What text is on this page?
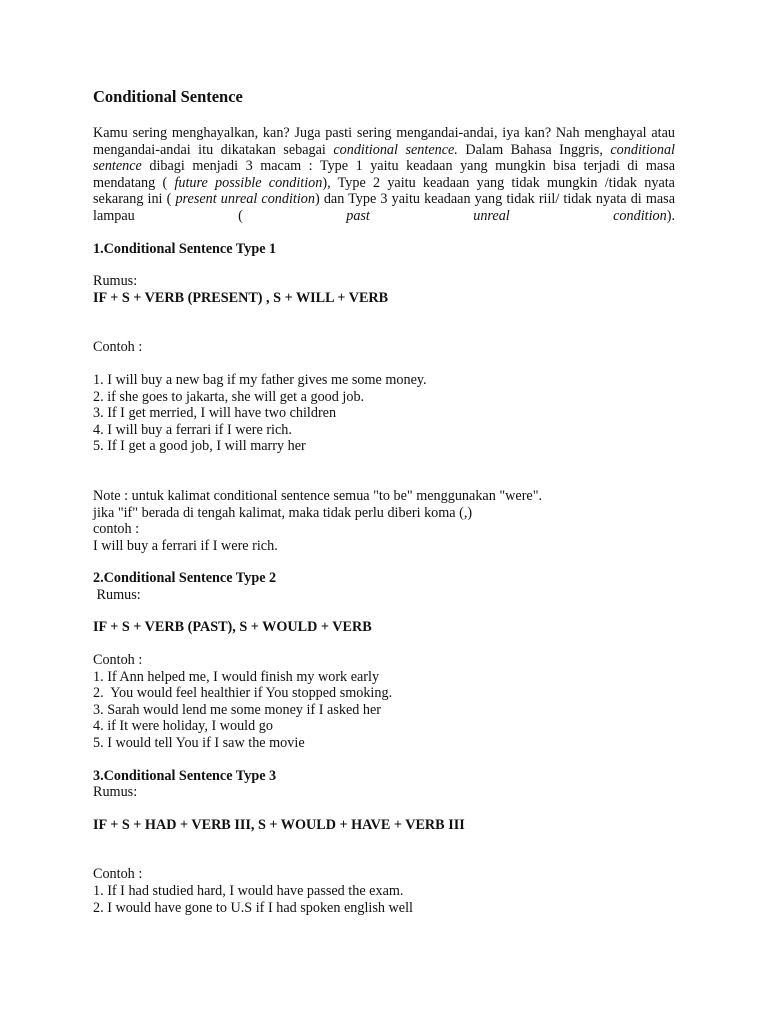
Conditional Sentence

Kamu sering menghayalkan, kan? Juga pasti sering mengandai-andai, iya kan? Nah menghayal atau mengandai-andai itu dikatakan sebagai conditional sentence. Dalam Bahasa Inggris, conditional sentence dibagi menjadi 3 macam : Type 1 yaitu keadaan yang mungkin bisa terjadi di masa mendatang ( future possible condition), Type 2 yaitu keadaan yang tidak mungkin /tidak nyata sekarang ini ( present unreal condition) dan Type 3 yaitu keadaan yang tidak riil/ tidak nyata di masa lampau ( past unreal condition).

1.Conditional Sentence Type 1
Rumus:
IF + S + VERB (PRESENT) , S + WILL + VERB
Contoh :
1. I will buy a new bag if my father gives me some money.
2. if she goes to jakarta, she will get a good job.
3. If I get merried, I will have two children
4. I will buy a ferrari if I were rich.
5. If I get a good job, I will marry her
Note : untuk kalimat conditional sentence semua "to be" menggunakan "were".
jika "if" berada di tengah kalimat, maka tidak perlu diberi koma (,)
contoh :
I will buy a ferrari if I were rich.
2.Conditional Sentence Type 2
Rumus:
IF + S + VERB (PAST), S + WOULD + VERB
Contoh :
1. If Ann helped me, I would finish my work early
2.  You would feel healthier if You stopped smoking.
3. Sarah would lend me some money if I asked her
4. if It were holiday, I would go
5. I would tell You if I saw the movie
3.Conditional Sentence Type 3
Rumus:
IF + S + HAD + VERB III, S + WOULD + HAVE + VERB III
Contoh :
1. If I had studied hard, I would have passed the exam.
2. I would have gone to U.S if I had spoken english well
